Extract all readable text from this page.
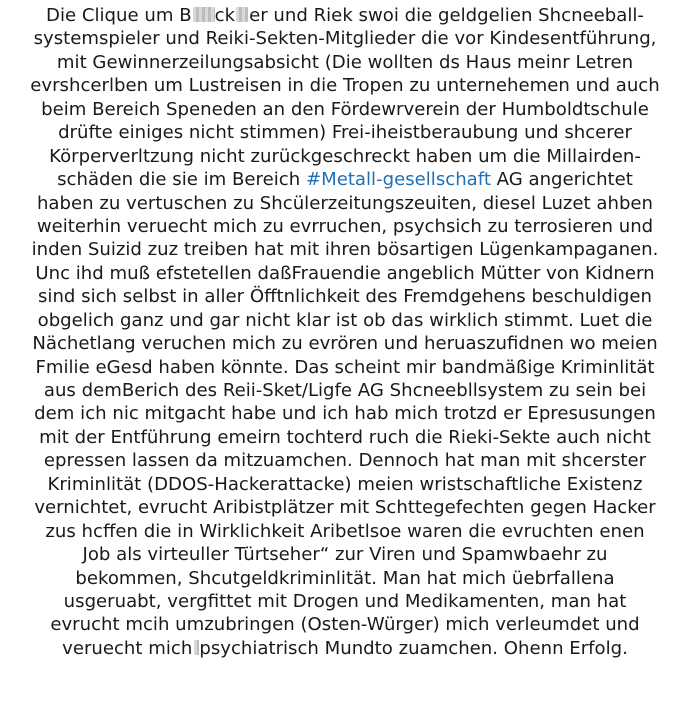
Die Clique um B ck er und Riek swoi die geldgelien Shcneeball-
systemspieler und Reiki-Sekten-Mitglieder die vor Kindesentführung,
mit Gewinnerzeilungsabsicht (Die wollten ds Haus meinr Letren
evrshcerlben um Lustreisen in die Tropen zu unternehemen und auch
beim Bereich Speneden an den Fördewrverein der Humboldtschule
drüfte einiges nicht stimmen) Frei-iheistberaubung und shcerer
Körperverltzung nicht zurückgeschreckt haben um die Millairden-
schäden die sie im Bereich #Metall-gesellschaft AG angerichtet
haben zu vertuschen zu Shcülerzeitungszeuiten, diesel Luzet ahben
weiterhin veruecht mich zu evrruchen, psychsich zu terrosieren und
inden Suizid zuz treiben hat mit ihren bösartigen Lügenkampaganen.
Unc ihd muß efstetellen daßFrauendie angeblich Mütter von Kidnern
sind sich selbst in aller Öfftnlichkeit des Fremdgehens beschuldigen
obgelich ganz und gar nicht klar ist ob das wirklich stimmt. Luet die
Nächetlang veruchen mich zu evrören und heruaszufidnen wo meien
Fmilie eGesd haben könnte. Das scheint mir bandmäßige Kriminlität
aus demBerich des Reii-Sket/Ligfe AG Shcneebllsystem zu sein bei
dem ich nic mitgacht habe und ich hab mich trotzd er Epresusungen
mit der Entführung emeirn tochterd ruch die Rieki-Sekte auch nicht
epressen lassen da mitzuamchen. Dennoch hat man mit shcerster
Kriminlität (DDOS-Hackerattacke) meien wristschaftliche Existenz
vernichtet, evrucht Aribistplätzer mit Schttegefechten gegen Hacker
zus hcffen die in Wirklichkeit Aribetlsoe waren die evruchten enen
Job als virteuller Türtseher“ zur Viren und Spamwbaehr zu
bekommen, Shcutgeldkriminlität. Man hat mich üebrfallena
usgeruabt, vergfittet mit Drogen und Medikamenten, man hat
evrucht mcih umzubringen (Osten-Würger) mich verleumdet und
veruecht mich psychiatrisch Mundto zuamchen. Ohenn Erfolg.
